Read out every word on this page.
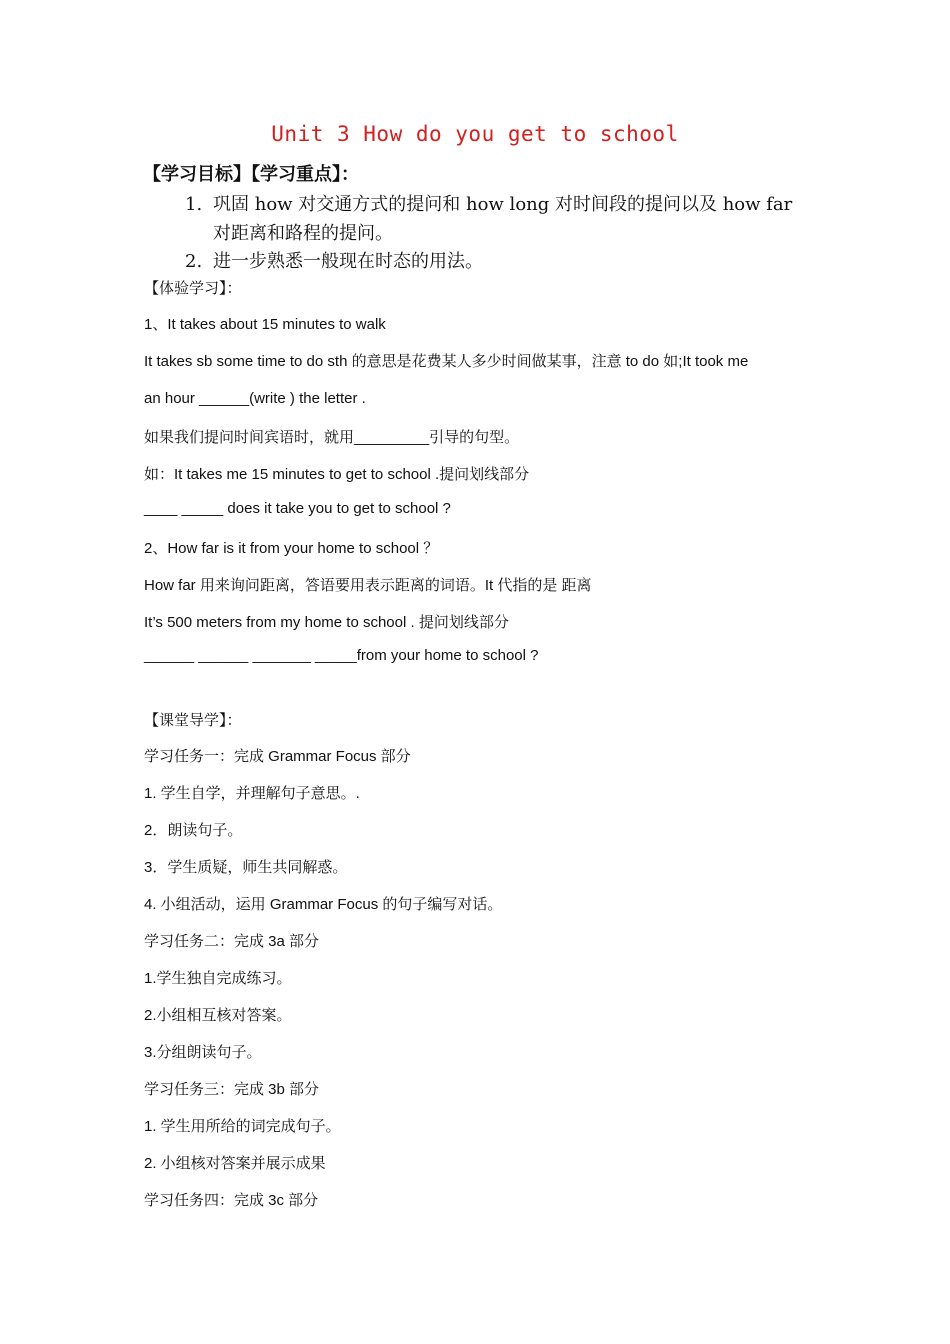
Unit 3 How do you get to school
【学习目标】【学习重点】：
1. 巩固 how 对交通方式的提问和 how long 对时间段的提问以及 how far 对距离和路程的提问。
2. 进一步熟悉一般现在时态的用法。
【体验学习】：
1、It takes about 15 minutes to walk
It takes sb some time to do sth 的意思是花费某人多少时间做某事，注意 to do 如;It took me
an hour ______(write ) the letter .
如果我们提问时间宾语时，就用_________引导的句型。
如：It takes me 15 minutes to get to school .提问划线部分
____ _____ does it take you to get to school ?
2、How far is it from your home to school ？
How far 用来询问距离，答语要用表示距离的词语。It 代指的是 距离
It’s 500 meters from my home to school . 提问划线部分
______ ______ _______ _____from your home to school ?
【课堂导学】：
学习任务一：完成 Grammar Focus 部分
1. 学生自学，并理解句子意思。.
2．朗读句子。
3．学生质疑，师生共同解惑。
4. 小组活动，运用 Grammar Focus 的句子编写对话。
学习任务二：完成 3a 部分
1.学生独自完成练习。
2.小组相互核对答案。
3.分组朗读句子。
学习任务三：完成 3b 部分
1. 学生用所给的词完成句子。
2. 小组核对答案并展示成果
学习任务四：完成 3c 部分
